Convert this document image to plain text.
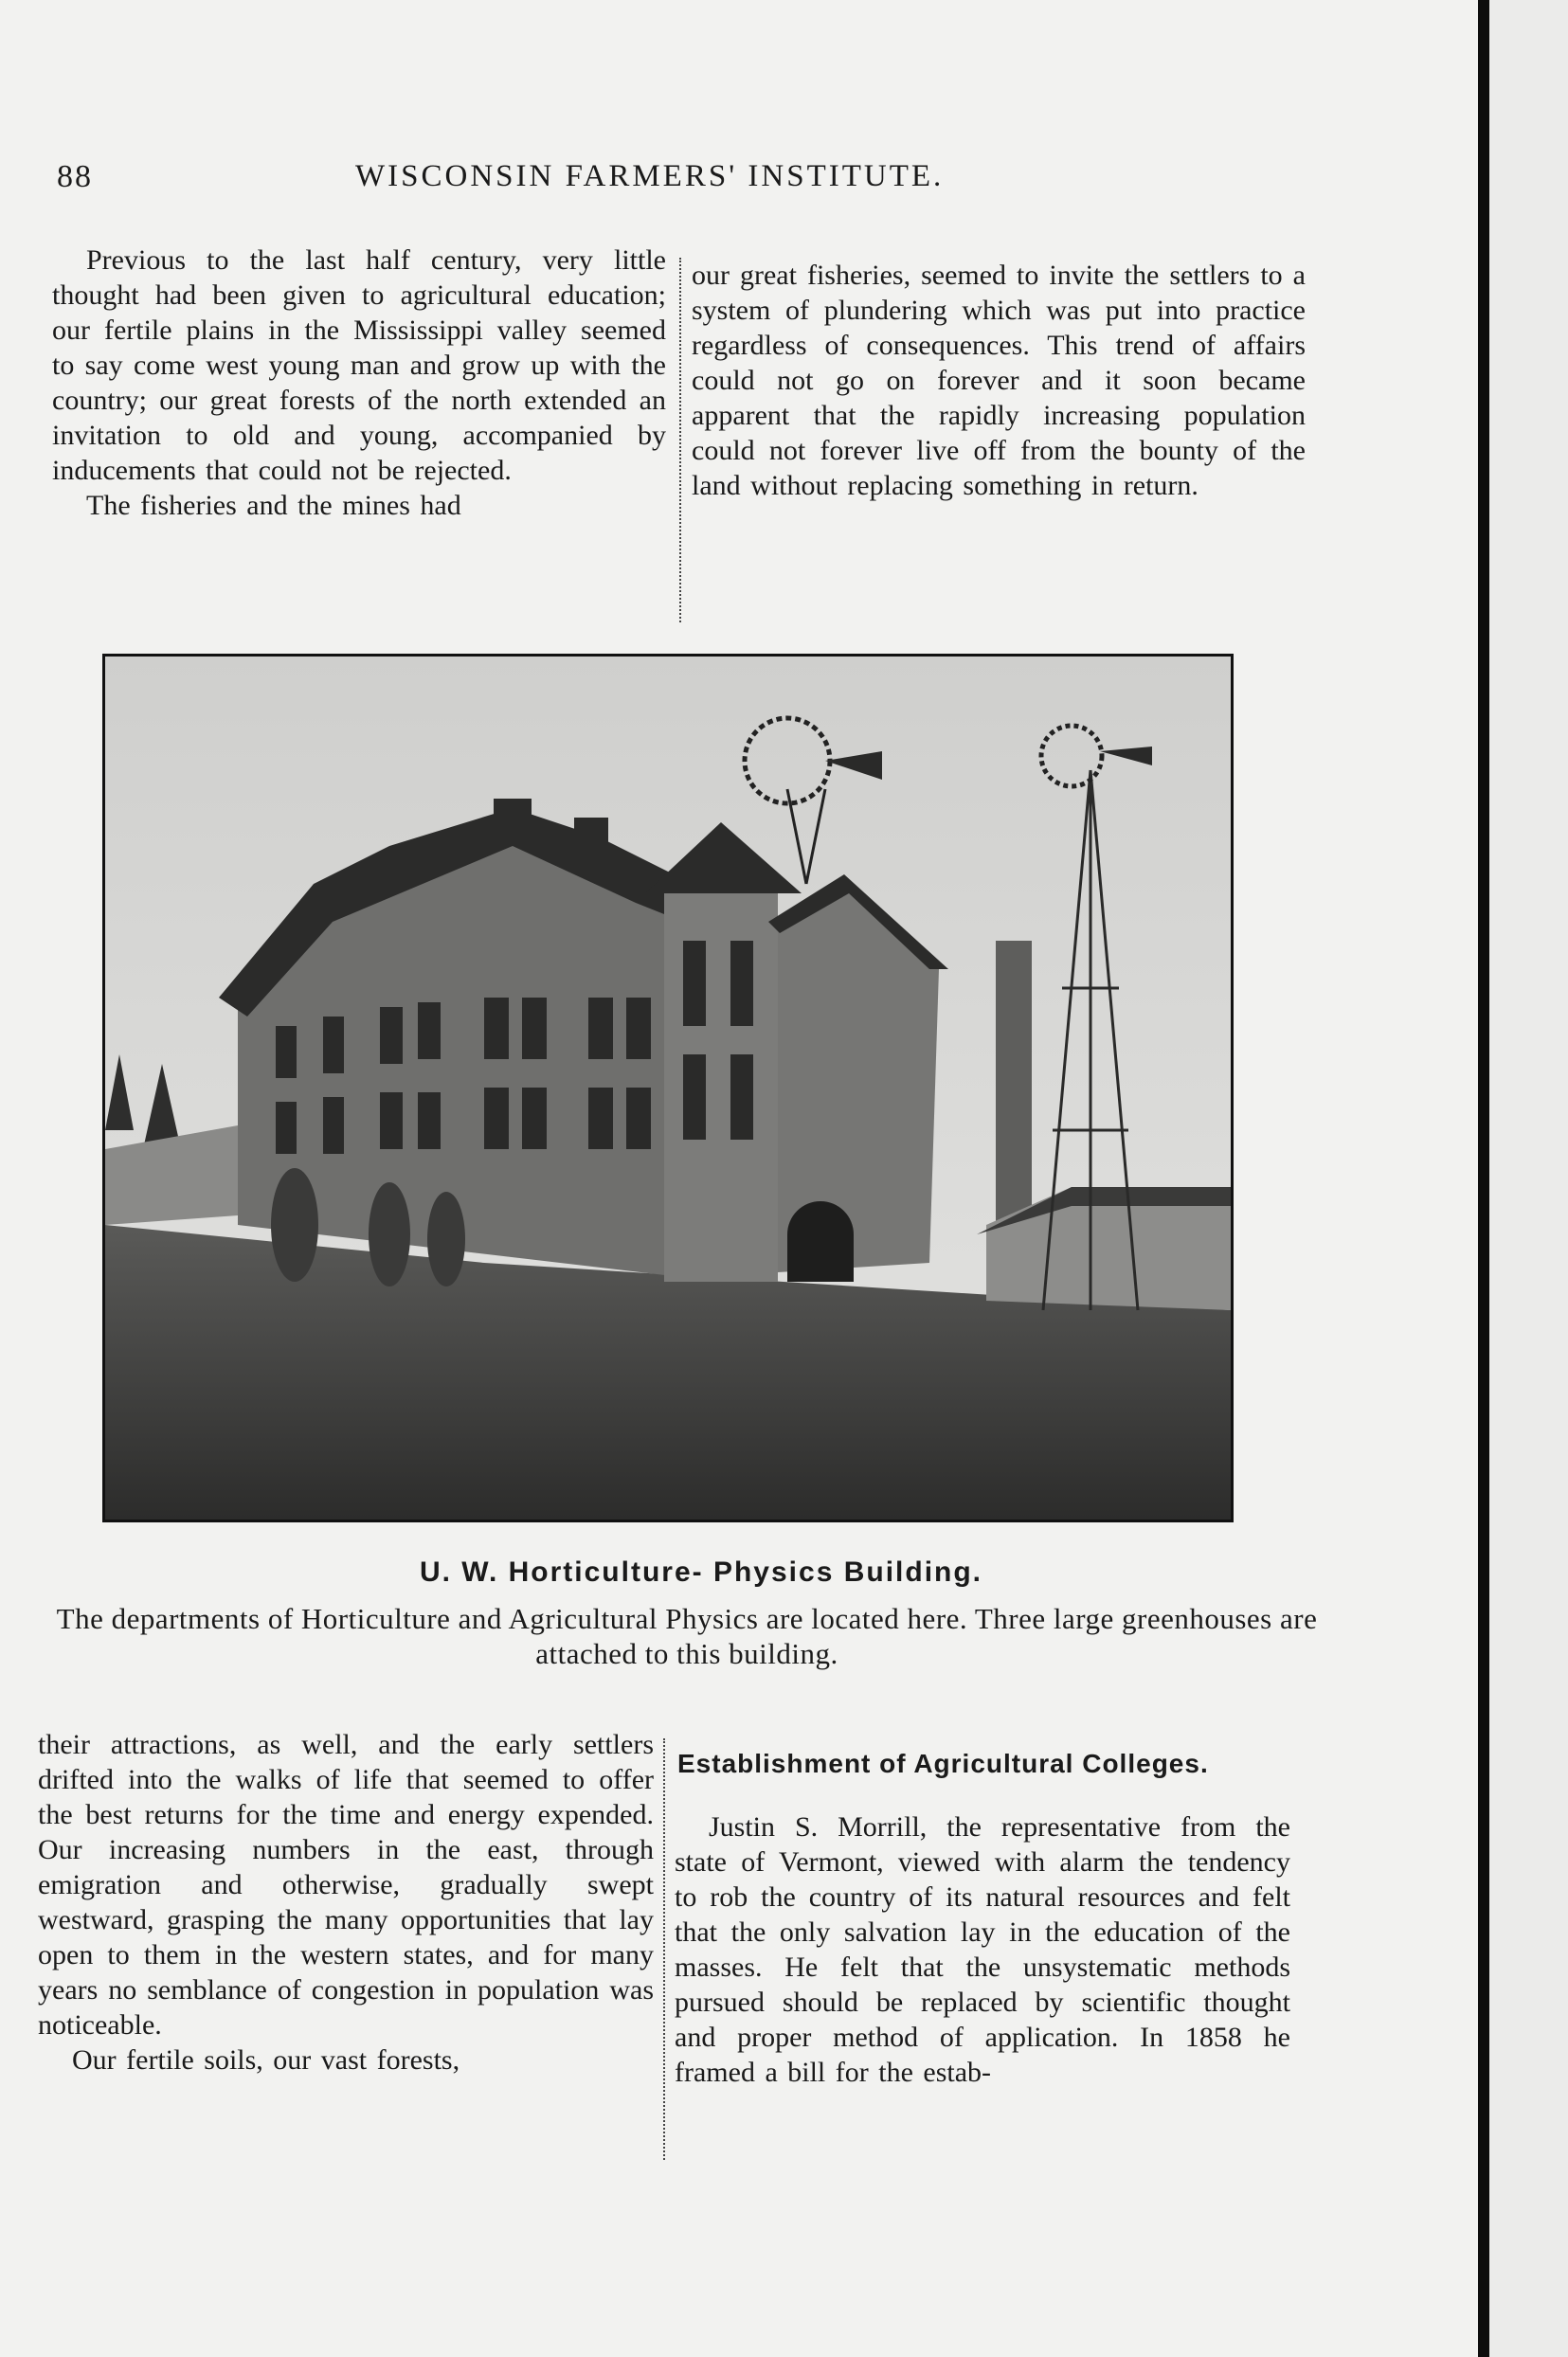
88	WISCONSIN FARMERS' INSTITUTE.

Previous to the last half century, very little thought had been given to agricultural education; our fertile plains in the Mississippi valley seemed to say come west young man and grow up with the country; our great forests of the north extended an invitation to old and young, accompanied by inducements that could not be rejected.

The fisheries and the mines had

our great fisheries, seemed to invite the settlers to a system of plundering which was put into practice regardless of consequences. This trend of affairs could not go on forever and it soon became apparent that the rapidly increasing population could not forever live off from the bounty of the land without replacing something in return.

U. W. Horticulture- Physics Building.
The departments of Horticulture and Agricultural Physics are located here. Three large greenhouses are attached to this building.

their attractions, as well, and the early settlers drifted into the walks of life that seemed to offer the best returns for the time and energy expended. Our increasing numbers in the east, through emigration and otherwise, gradually swept westward, grasping the many opportunities that lay open to them in the western states, and for many years no semblance of congestion in population was noticeable.

Our fertile soils, our vast forests,

Establishment of Agricultural Colleges.

Justin S. Morrill, the representative from the state of Vermont, viewed with alarm the tendency to rob the country of its natural resources and felt that the only salvation lay in the education of the masses. He felt that the unsystematic methods pursued should be replaced by scientific thought and proper method of application. In 1858 he framed a bill for the estab-
